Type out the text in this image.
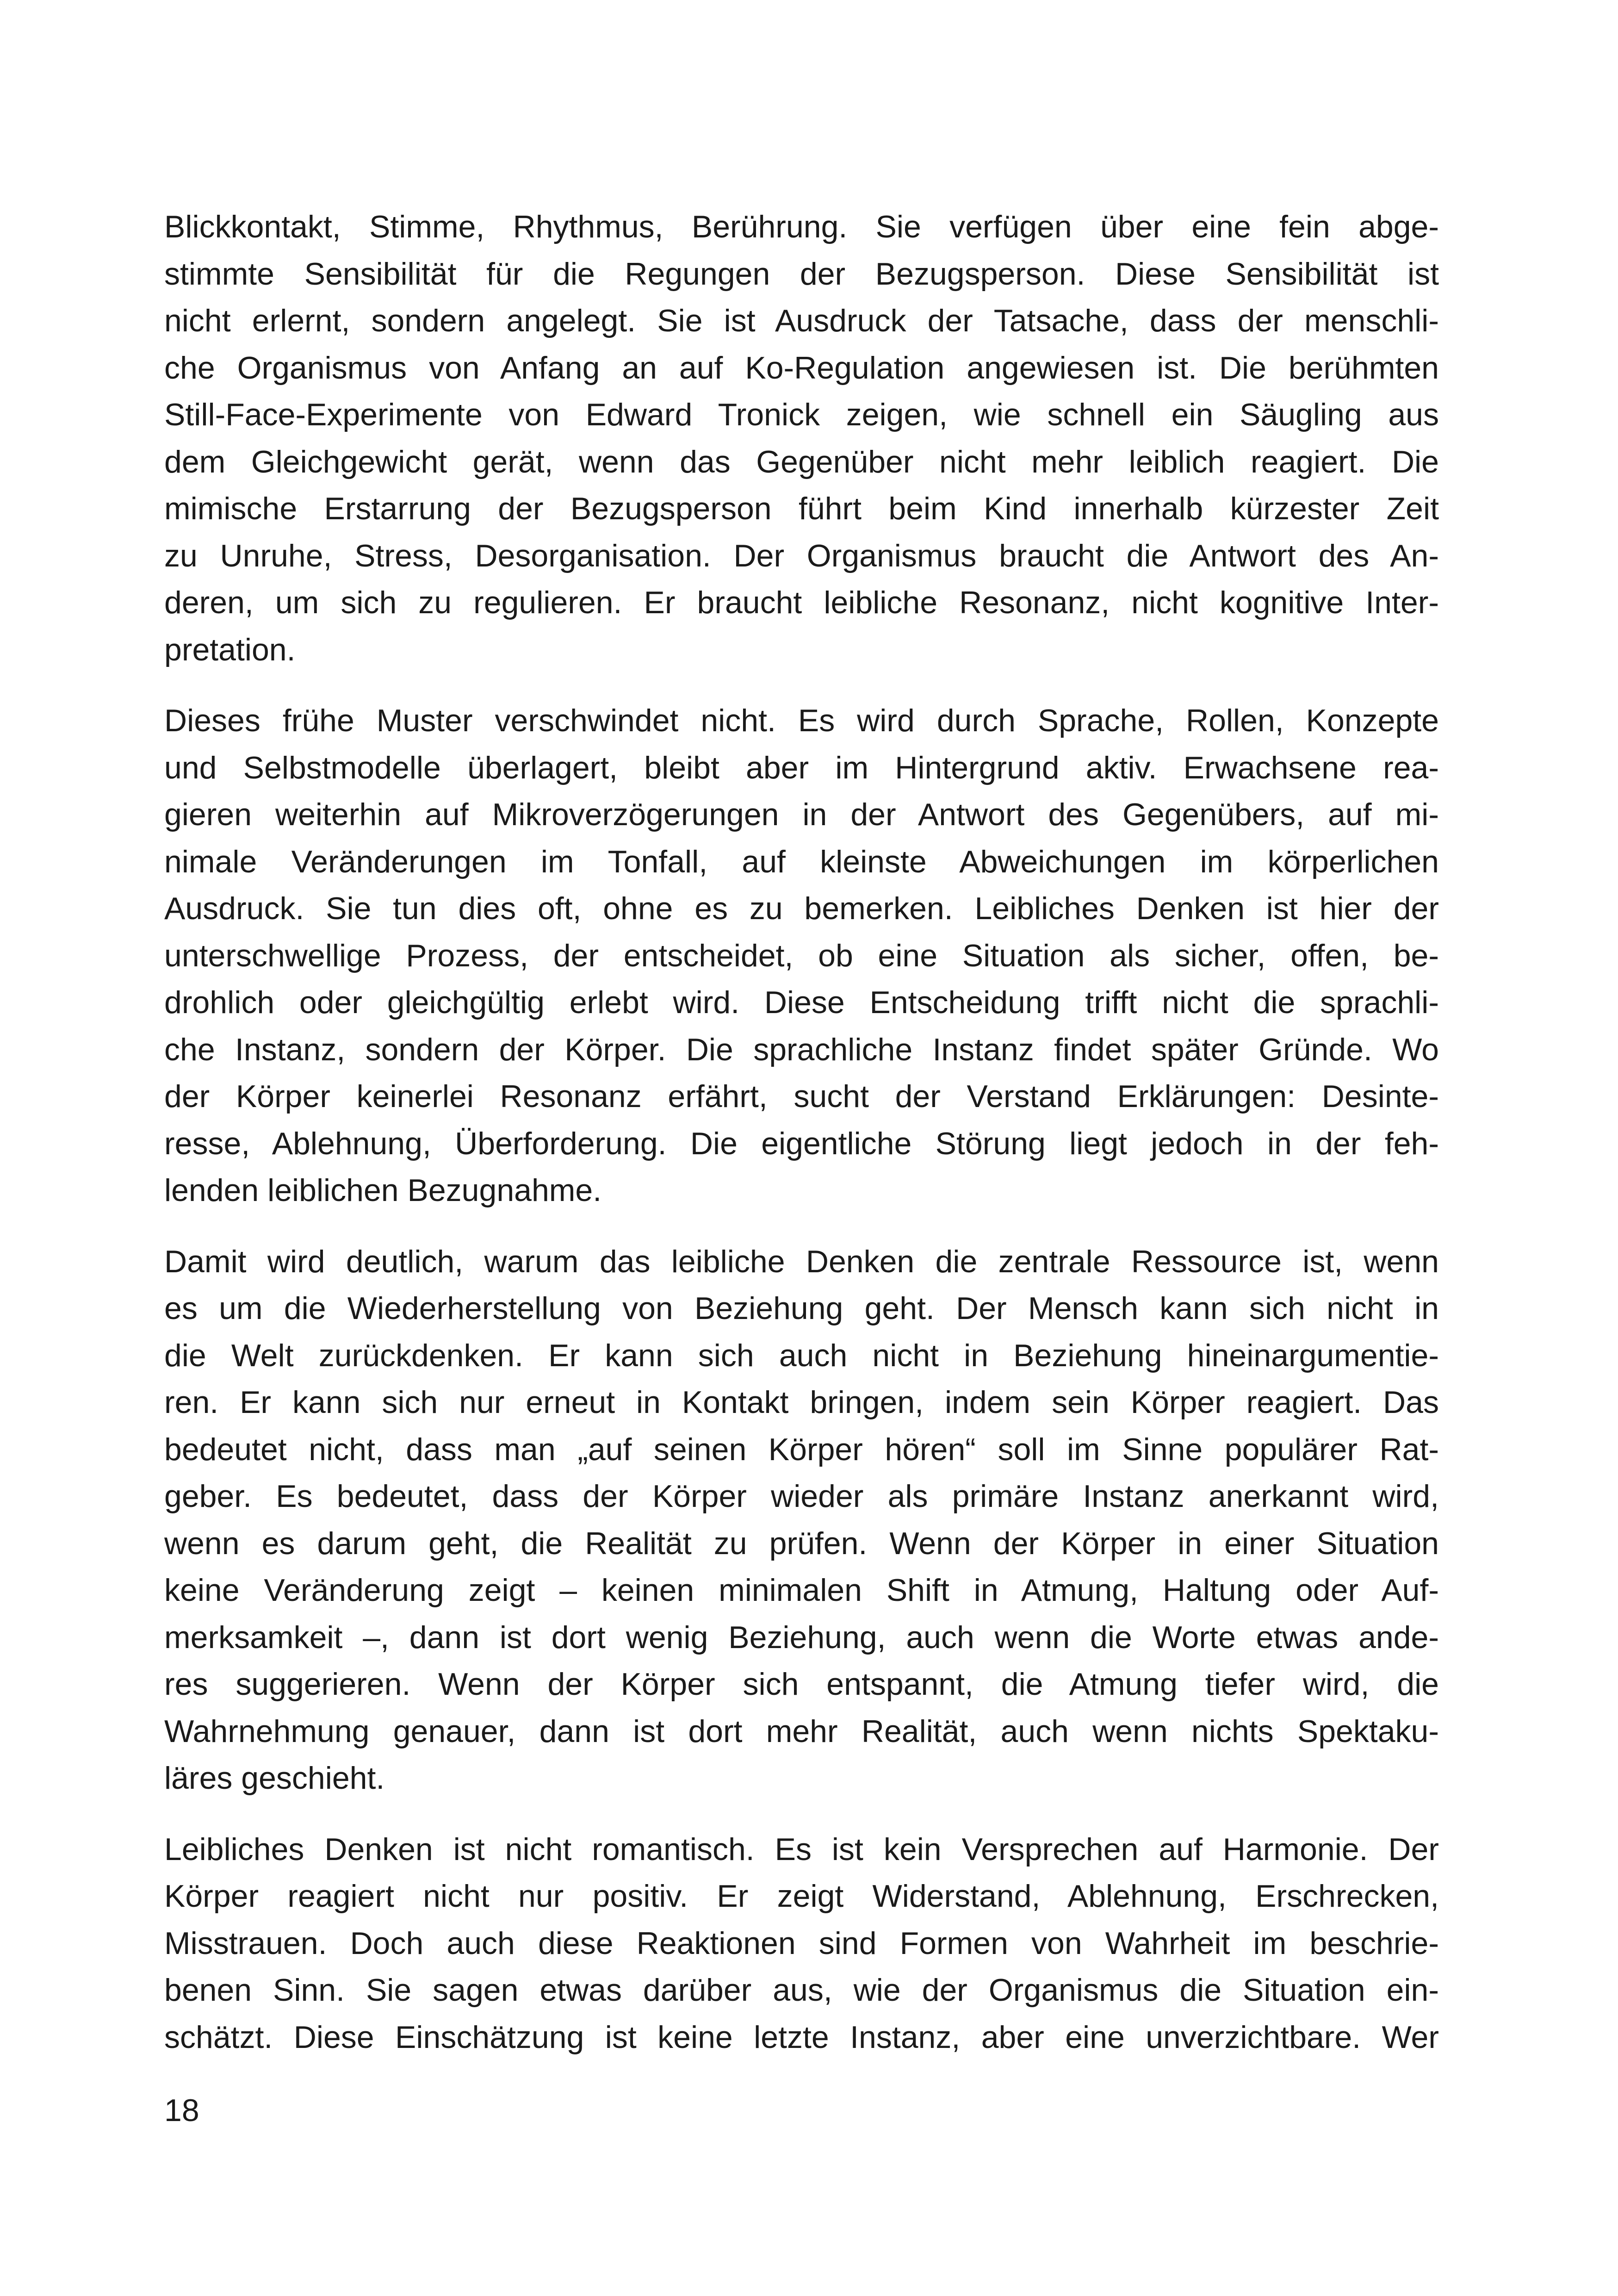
Blickkontakt, Stimme, Rhythmus, Berührung. Sie verfügen über eine fein abge-
stimmte Sensibilität für die Regungen der Bezugsperson. Diese Sensibilität ist
nicht erlernt, sondern angelegt. Sie ist Ausdruck der Tatsache, dass der menschli-
che Organismus von Anfang an auf Ko-Regulation angewiesen ist. Die berühmten
Still-Face-Experimente von Edward Tronick zeigen, wie schnell ein Säugling aus
dem Gleichgewicht gerät, wenn das Gegenüber nicht mehr leiblich reagiert. Die
mimische Erstarrung der Bezugsperson führt beim Kind innerhalb kürzester Zeit
zu Unruhe, Stress, Desorganisation. Der Organismus braucht die Antwort des An-
deren, um sich zu regulieren. Er braucht leibliche Resonanz, nicht kognitive Inter-
pretation.

Dieses frühe Muster verschwindet nicht. Es wird durch Sprache, Rollen, Konzepte
und Selbstmodelle überlagert, bleibt aber im Hintergrund aktiv. Erwachsene rea-
gieren weiterhin auf Mikroverzögerungen in der Antwort des Gegenübers, auf mi-
nimale Veränderungen im Tonfall, auf kleinste Abweichungen im körperlichen
Ausdruck. Sie tun dies oft, ohne es zu bemerken. Leibliches Denken ist hier der
unterschwellige Prozess, der entscheidet, ob eine Situation als sicher, offen, be-
drohlich oder gleichgültig erlebt wird. Diese Entscheidung trifft nicht die sprachli-
che Instanz, sondern der Körper. Die sprachliche Instanz findet später Gründe. Wo
der Körper keinerlei Resonanz erfährt, sucht der Verstand Erklärungen: Desinte-
resse, Ablehnung, Überforderung. Die eigentliche Störung liegt jedoch in der feh-
lenden leiblichen Bezugnahme.

Damit wird deutlich, warum das leibliche Denken die zentrale Ressource ist, wenn
es um die Wiederherstellung von Beziehung geht. Der Mensch kann sich nicht in
die Welt zurückdenken. Er kann sich auch nicht in Beziehung hineinargumentie-
ren. Er kann sich nur erneut in Kontakt bringen, indem sein Körper reagiert. Das
bedeutet nicht, dass man „auf seinen Körper hören“ soll im Sinne populärer Rat-
geber. Es bedeutet, dass der Körper wieder als primäre Instanz anerkannt wird,
wenn es darum geht, die Realität zu prüfen. Wenn der Körper in einer Situation
keine Veränderung zeigt – keinen minimalen Shift in Atmung, Haltung oder Auf-
merksamkeit –, dann ist dort wenig Beziehung, auch wenn die Worte etwas ande-
res suggerieren. Wenn der Körper sich entspannt, die Atmung tiefer wird, die
Wahrnehmung genauer, dann ist dort mehr Realität, auch wenn nichts Spektaku-
läres geschieht.

Leibliches Denken ist nicht romantisch. Es ist kein Versprechen auf Harmonie. Der
Körper reagiert nicht nur positiv. Er zeigt Widerstand, Ablehnung, Erschrecken,
Misstrauen. Doch auch diese Reaktionen sind Formen von Wahrheit im beschrie-
benen Sinn. Sie sagen etwas darüber aus, wie der Organismus die Situation ein-
schätzt. Diese Einschätzung ist keine letzte Instanz, aber eine unverzichtbare. Wer

18
